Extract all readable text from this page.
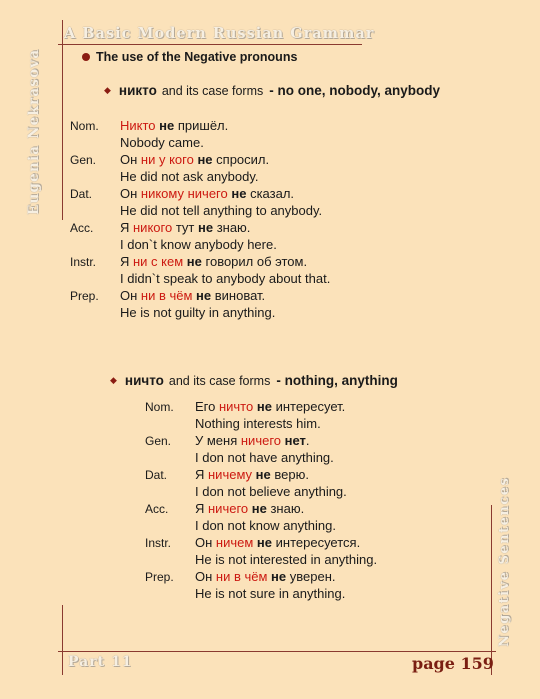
A Basic Modern Russian Grammar
Eugenia Nekrasova
Negative Sentences
Part 11	page 159
The use of the Negative pronouns
◆ никто and its case forms - no one, nobody, anybody
Nom. Никто не пришёл.
Nobody came.
Gen. Он ни у кого не спросил.
He did not ask anybody.
Dat. Он никому ничего не сказал.
He did not tell anything to anybody.
Acc. Я никого тут не знаю.
I don`t know anybody here.
Instr. Я ни с кем не говорил об этом.
I didn`t speak to anybody about that.
Prep. Он ни в чём не виноват.
He is not guilty in anything.
◆ ничто and its case forms - nothing, anything
Nom. Его ничто не интересует.
Nothing interests him.
Gen. У меня ничего нет.
I don not have anything.
Dat. Я ничему не верю.
I don not believe anything.
Acc. Я ничего не знаю.
I don not know anything.
Instr. Он ничем не интересуется.
He is not interested in anything.
Prep. Он ни в чём не уверен.
He is not sure in anything.
